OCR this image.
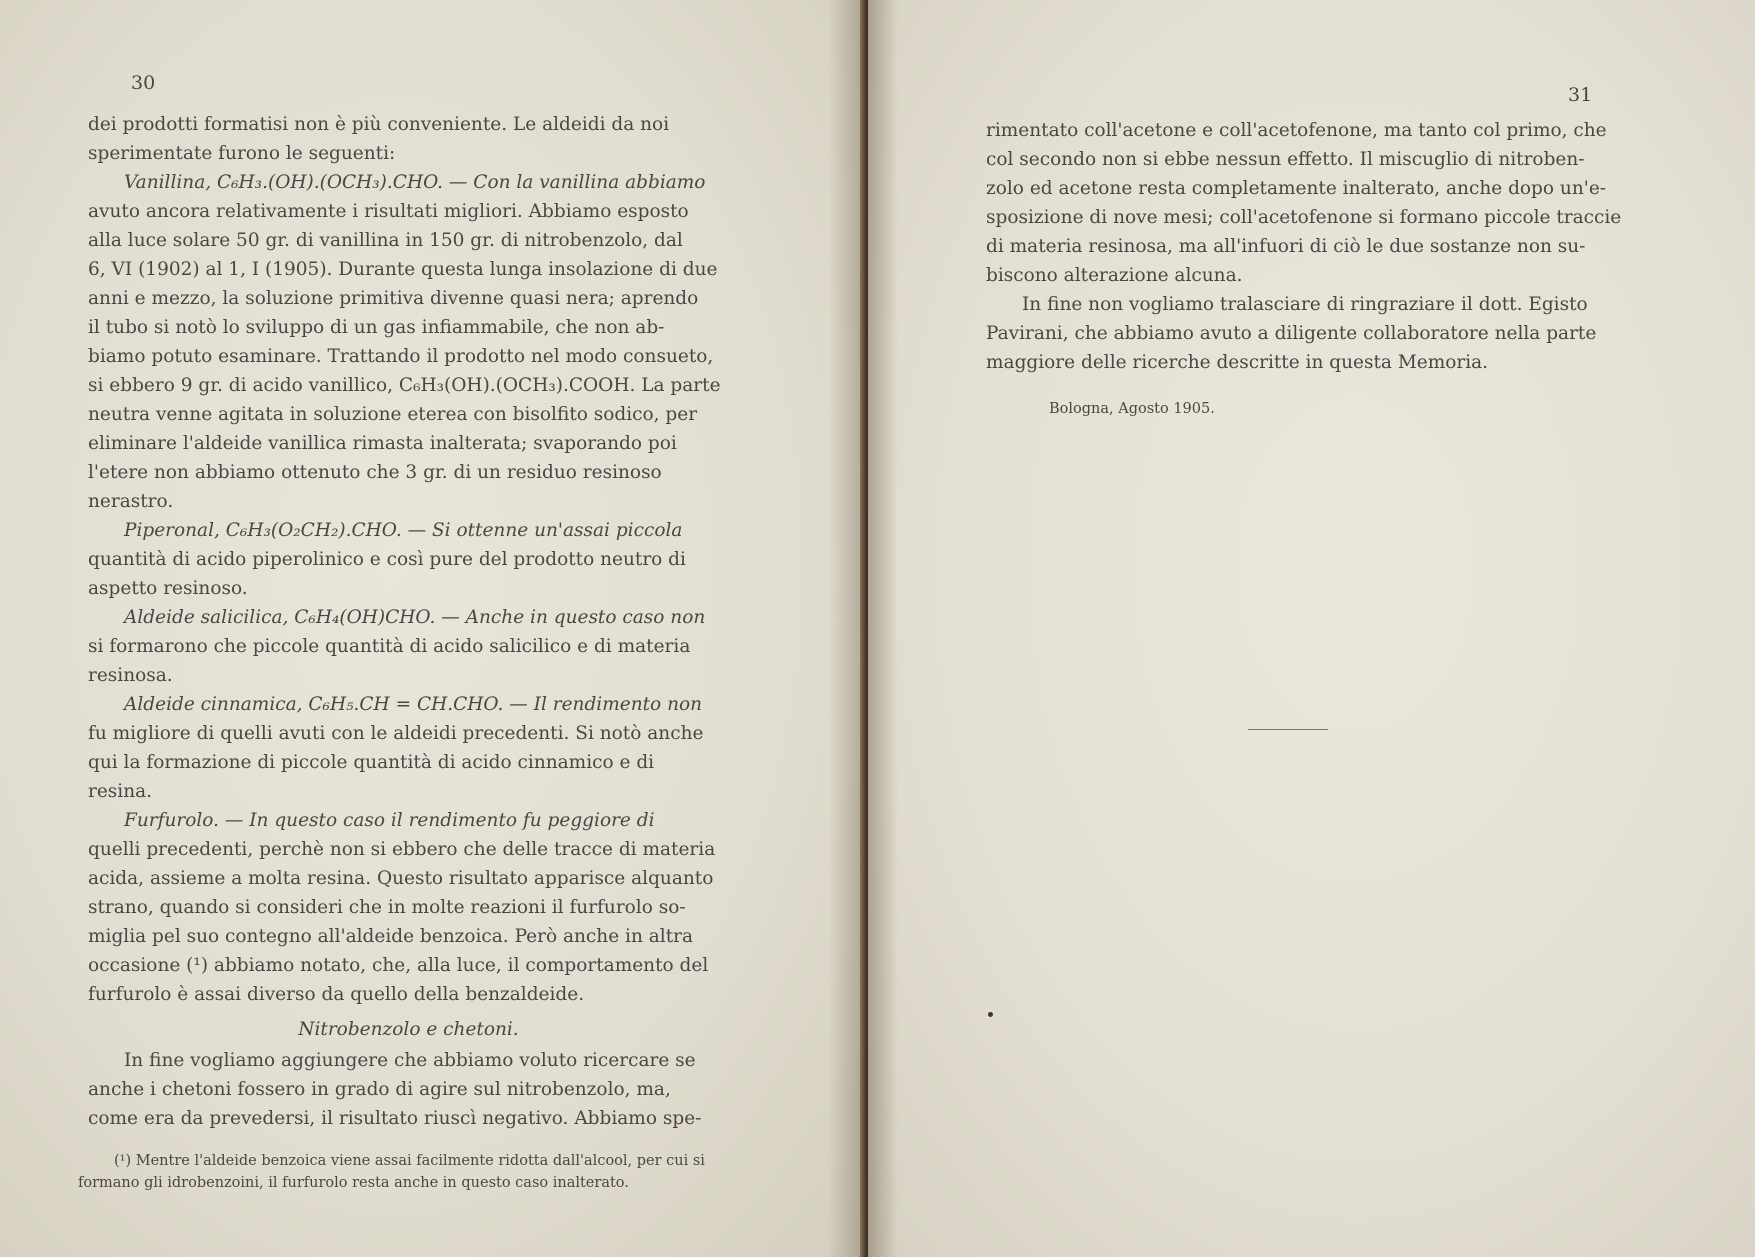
30

dei prodotti formatisi non è più conveniente. Le aldeidi da noi

sperimentate furono le seguenti:

Vanillina, C₆H₃.(OH).(OCH₃).CHO. — Con la vanillina abbiamo

avuto ancora relativamente i risultati migliori. Abbiamo esposto

alla luce solare 50 gr. di vanillina in 150 gr. di nitrobenzolo, dal

6, VI (1902) al 1, I (1905). Durante questa lunga insolazione di due

anni e mezzo, la soluzione primitiva divenne quasi nera; aprendo

il tubo si notò lo sviluppo di un gas infiammabile, che non ab-

biamo potuto esaminare. Trattando il prodotto nel modo consueto,

si ebbero 9 gr. di acido vanillico, C₆H₃(OH).(OCH₃).COOH. La parte

neutra venne agitata in soluzione eterea con bisolfito sodico, per

eliminare l'aldeide vanillica rimasta inalterata; svaporando poi

l'etere non abbiamo ottenuto che 3 gr. di un residuo resinoso

nerastro.

Piperonal, C₆H₃(O₂CH₂).CHO. — Si ottenne un'assai piccola

quantità di acido piperolinico e così pure del prodotto neutro di

aspetto resinoso.

Aldeide salicilica, C₆H₄(OH)CHO. — Anche in questo caso non

si formarono che piccole quantità di acido salicilico e di materia

resinosa.

Aldeide cinnamica, C₆H₅.CH = CH.CHO. — Il rendimento non

fu migliore di quelli avuti con le aldeidi precedenti. Si notò anche

qui la formazione di piccole quantità di acido cinnamico e di

resina.

Furfurolo. — In questo caso il rendimento fu peggiore di

quelli precedenti, perchè non si ebbero che delle tracce di materia

acida, assieme a molta resina. Questo risultato apparisce alquanto

strano, quando si consideri che in molte reazioni il furfurolo so-

miglia pel suo contegno all'aldeide benzoica. Però anche in altra

occasione (¹) abbiamo notato, che, alla luce, il comportamento del

furfurolo è assai diverso da quello della benzaldeide.

Nitrobenzolo e chetoni.

In fine vogliamo aggiungere che abbiamo voluto ricercare se

anche i chetoni fossero in grado di agire sul nitrobenzolo, ma,

come era da prevedersi, il risultato riuscì negativo. Abbiamo spe-

(¹) Mentre l'aldeide benzoica viene assai facilmente ridotta dall'alcool, per cui si
formano gli idrobenzoini, il furfurolo resta anche in questo caso inalterato.
31

rimentato coll'acetone e coll'acetofenone, ma tanto col primo, che

col secondo non si ebbe nessun effetto. Il miscuglio di nitroben-

zolo ed acetone resta completamente inalterato, anche dopo un'e-

sposizione di nove mesi; coll'acetofenone si formano piccole traccie

di materia resinosa, ma all'infuori di ciò le due sostanze non su-

biscono alterazione alcuna.

In fine non vogliamo tralasciare di ringraziare il dott. Egisto

Pavirani, che abbiamo avuto a diligente collaboratore nella parte

maggiore delle ricerche descritte in questa Memoria.

Bologna, Agosto 1905.
